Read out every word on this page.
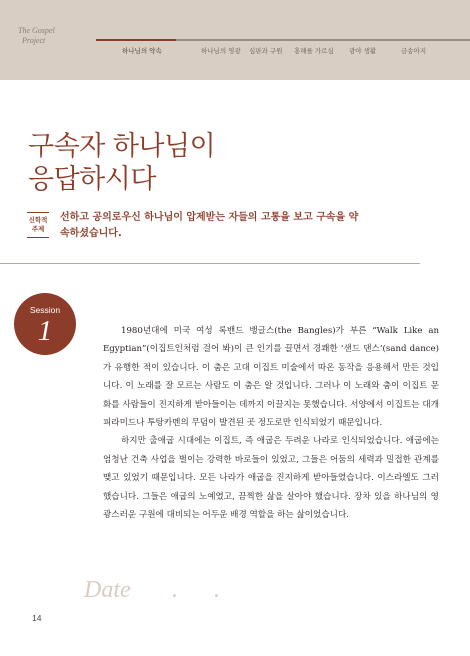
The Gospel
Project
하나님의 약속	하나님의 영광 심판과 구원 홍해를 가르심 광야 생활	금송아지
구속자 하나님이
응답하시다
신학적
주제
선하고 공의로우신 하나님이 압제받는 자들의 고통을 보고 구속을 약
속하셨습니다.
Session
1	1980년대에 미국 여성 록밴드 뱅글스(the Bangles)가 부른 “Walk Like an Egyptian”(이집트인처럼 걸어 봐)이 큰 인기를 끌면서 경쾌한 ‘샌드 댄스’(sand dance)가 유행한 적이 있습니다. 이 춤은 고대 이집트 미술에서 따온 동작을 응용해서 만든 것입니다. 이 노래를 잘 모르는 사람도 이 춤은 알 것입니다. 그러나 이 노래와 춤이 이집트 문화를 사람들이 진지하게 받아들이는 데까지 이끌지는 못했습니다. 서양에서 이집트는 대개 피라미드나 투탕카멘의 무덤이 발견된 곳 정도로만 인식되었기 때문입니다.

하지만 출애굽 시대에는 이집트, 즉 애굽은 두려운 나라로 인식되었습니다. 애굽에는 엄청난 건축 사업을 벌이는 강력한 바로들이 있었고, 그들은 어둠의 세력과 밀접한 관계를 맺고 있었기 때문입니다. 모든 나라가 애굽을 진지하게 받아들였습니다. 이스라엘도 그러했습니다. 그들은 애굽의 노예였고, 끔찍한 삶을 살아야 했습니다. 장차 있을 하나님의 영광스러운 구원에 대비되는 어두운 배경 역할을 하는 삶이었습니다.

Date . .
14
